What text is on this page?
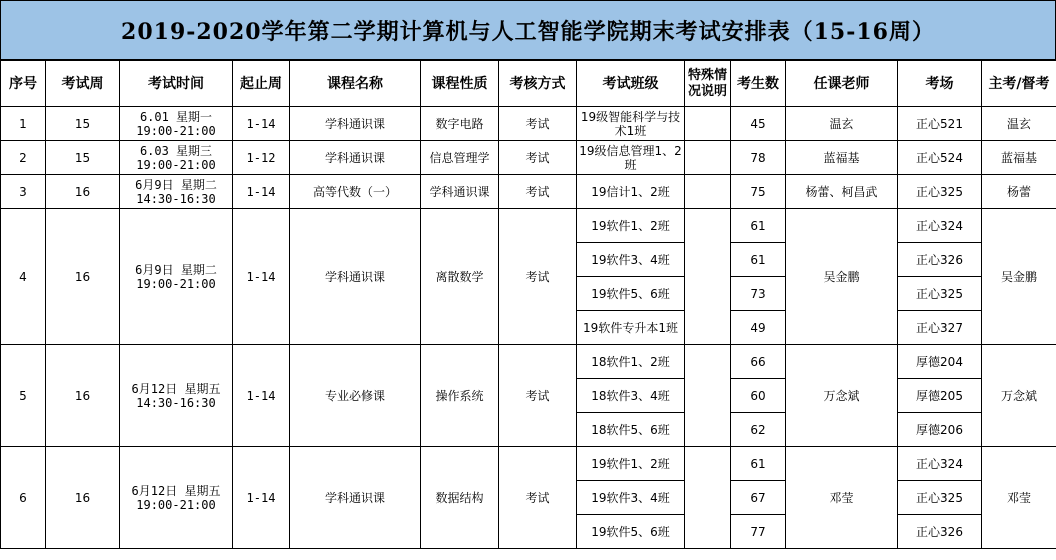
2019-2020学年第二学期计算机与人工智能学院期末考试安排表（15-16周）
序号	考试周	考试时间	起止周	课程名称	课程性质	考核方式	考试班级	特殊情况说明	考生数	任课老师	考场	主考/督考
1	15	6.01 星期一
19:00-21:00	1-14	学科通识课	数字电路	考试	19级智能科学与技术1班		45	温玄	正心521	温玄
2	15	6.03 星期三
19:00-21:00	1-12	学科通识课	信息管理学	考试	19级信息管理1、2班		78	蓝福基	正心524	蓝福基
3	16	6月9日 星期二
14:30-16:30	1-14	高等代数（一）	学科通识课	考试	19信计1、2班		75	杨蕾、柯昌武	正心325	杨蕾
4	16	6月9日 星期二
19:00-21:00	1-14	学科通识课	离散数学	考试	19软件1、2班		61	吴金鹏	正心324	吴金鹏
							19软件3、4班		61		正心326	
							19软件5、6班		73		正心325	
							19软件专升本1班		49		正心327	
5	16	6月12日 星期五
14:30-16:30	1-14	专业必修课	操作系统	考试	18软件1、2班		66	万念斌	厚德204	万念斌
							18软件3、4班		60		厚德205	
							18软件5、6班		62		厚德206	
6	16	6月12日 星期五
19:00-21:00	1-14	学科通识课	数据结构	考试	19软件1、2班		61	邓莹	正心324	邓莹
							19软件3、4班		67		正心325	
							19软件5、6班		77		正心326	
